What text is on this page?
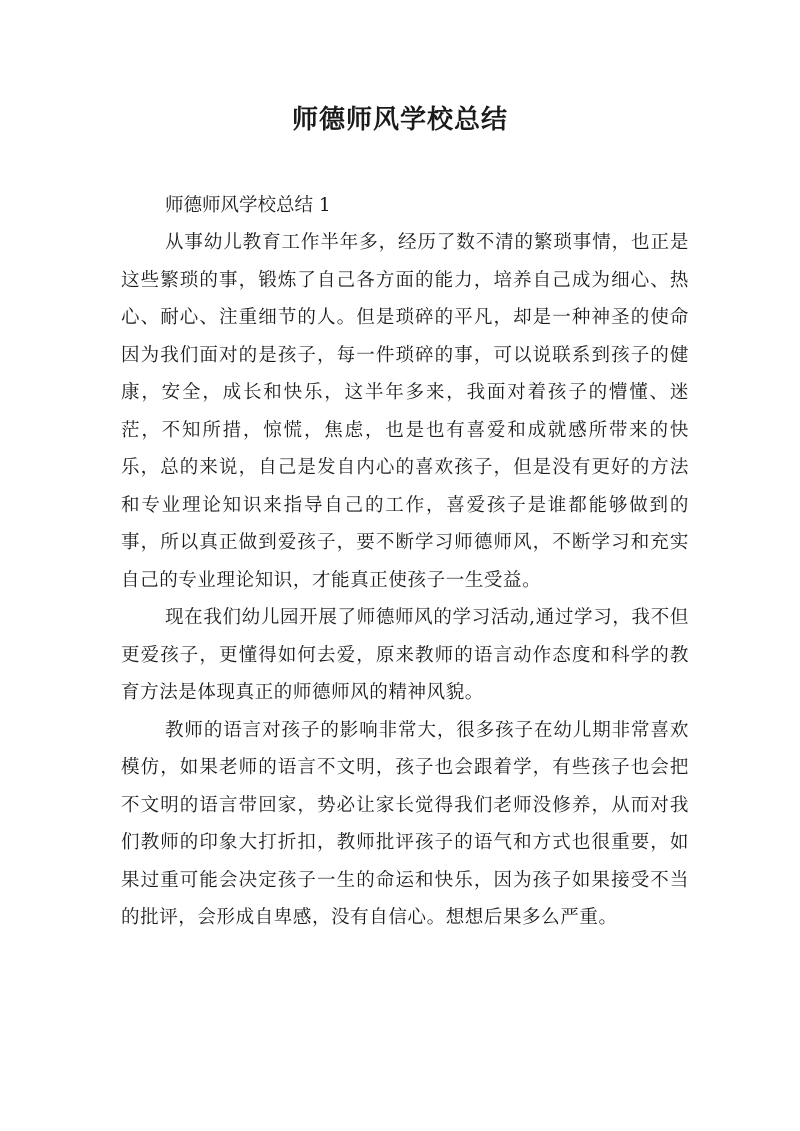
师德师风学校总结

师德师风学校总结 1

从事幼儿教育工作半年多，经历了数不清的繁琐事情，也正是这些繁琐的事，锻炼了自己各方面的能力，培养自己成为细心、热心、耐心、注重细节的人。但是琐碎的平凡，却是一种神圣的使命因为我们面对的是孩子，每一件琐碎的事，可以说联系到孩子的健康，安全，成长和快乐，这半年多来，我面对着孩子的懵懂、迷茫，不知所措，惊慌，焦虑，也是也有喜爱和成就感所带来的快乐，总的来说，自己是发自内心的喜欢孩子，但是没有更好的方法和专业理论知识来指导自己的工作，喜爱孩子是谁都能够做到的事，所以真正做到爱孩子，要不断学习师德师风，不断学习和充实自己的专业理论知识，才能真正使孩子一生受益。

现在我们幼儿园开展了师德师风的学习活动,通过学习，我不但更爱孩子，更懂得如何去爱，原来教师的语言动作态度和科学的教育方法是体现真正的师德师风的精神风貌。

教师的语言对孩子的影响非常大，很多孩子在幼儿期非常喜欢模仿，如果老师的语言不文明，孩子也会跟着学，有些孩子也会把不文明的语言带回家，势必让家长觉得我们老师没修养，从而对我们教师的印象大打折扣，教师批评孩子的语气和方式也很重要，如果过重可能会决定孩子一生的命运和快乐，因为孩子如果接受不当的批评，会形成自卑感，没有自信心。想想后果多么严重。
